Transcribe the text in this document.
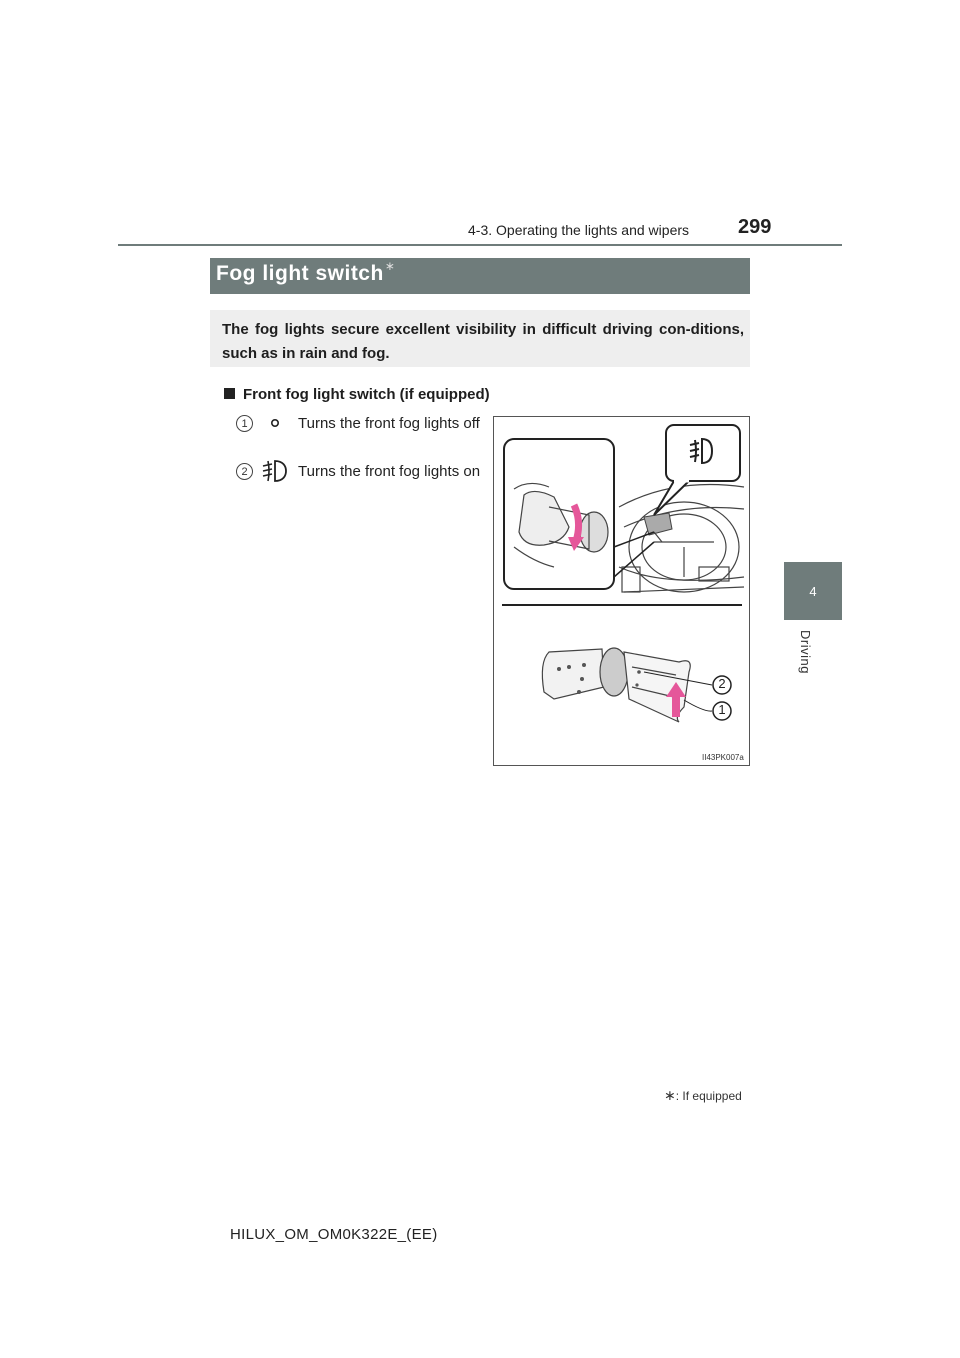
4-3. Operating the lights and wipers 299
4
Driving
Fog light switch∗
The fog lights secure excellent visibility in difficult driving con-ditions, such as in rain and fog.
Front fog light switch (if equipped)
1	Turns the front fog lights off
2	Turns the front fog lights on
2
1
II43PK007a
∗: If equipped
HILUX_OM_OM0K322E_(EE)
